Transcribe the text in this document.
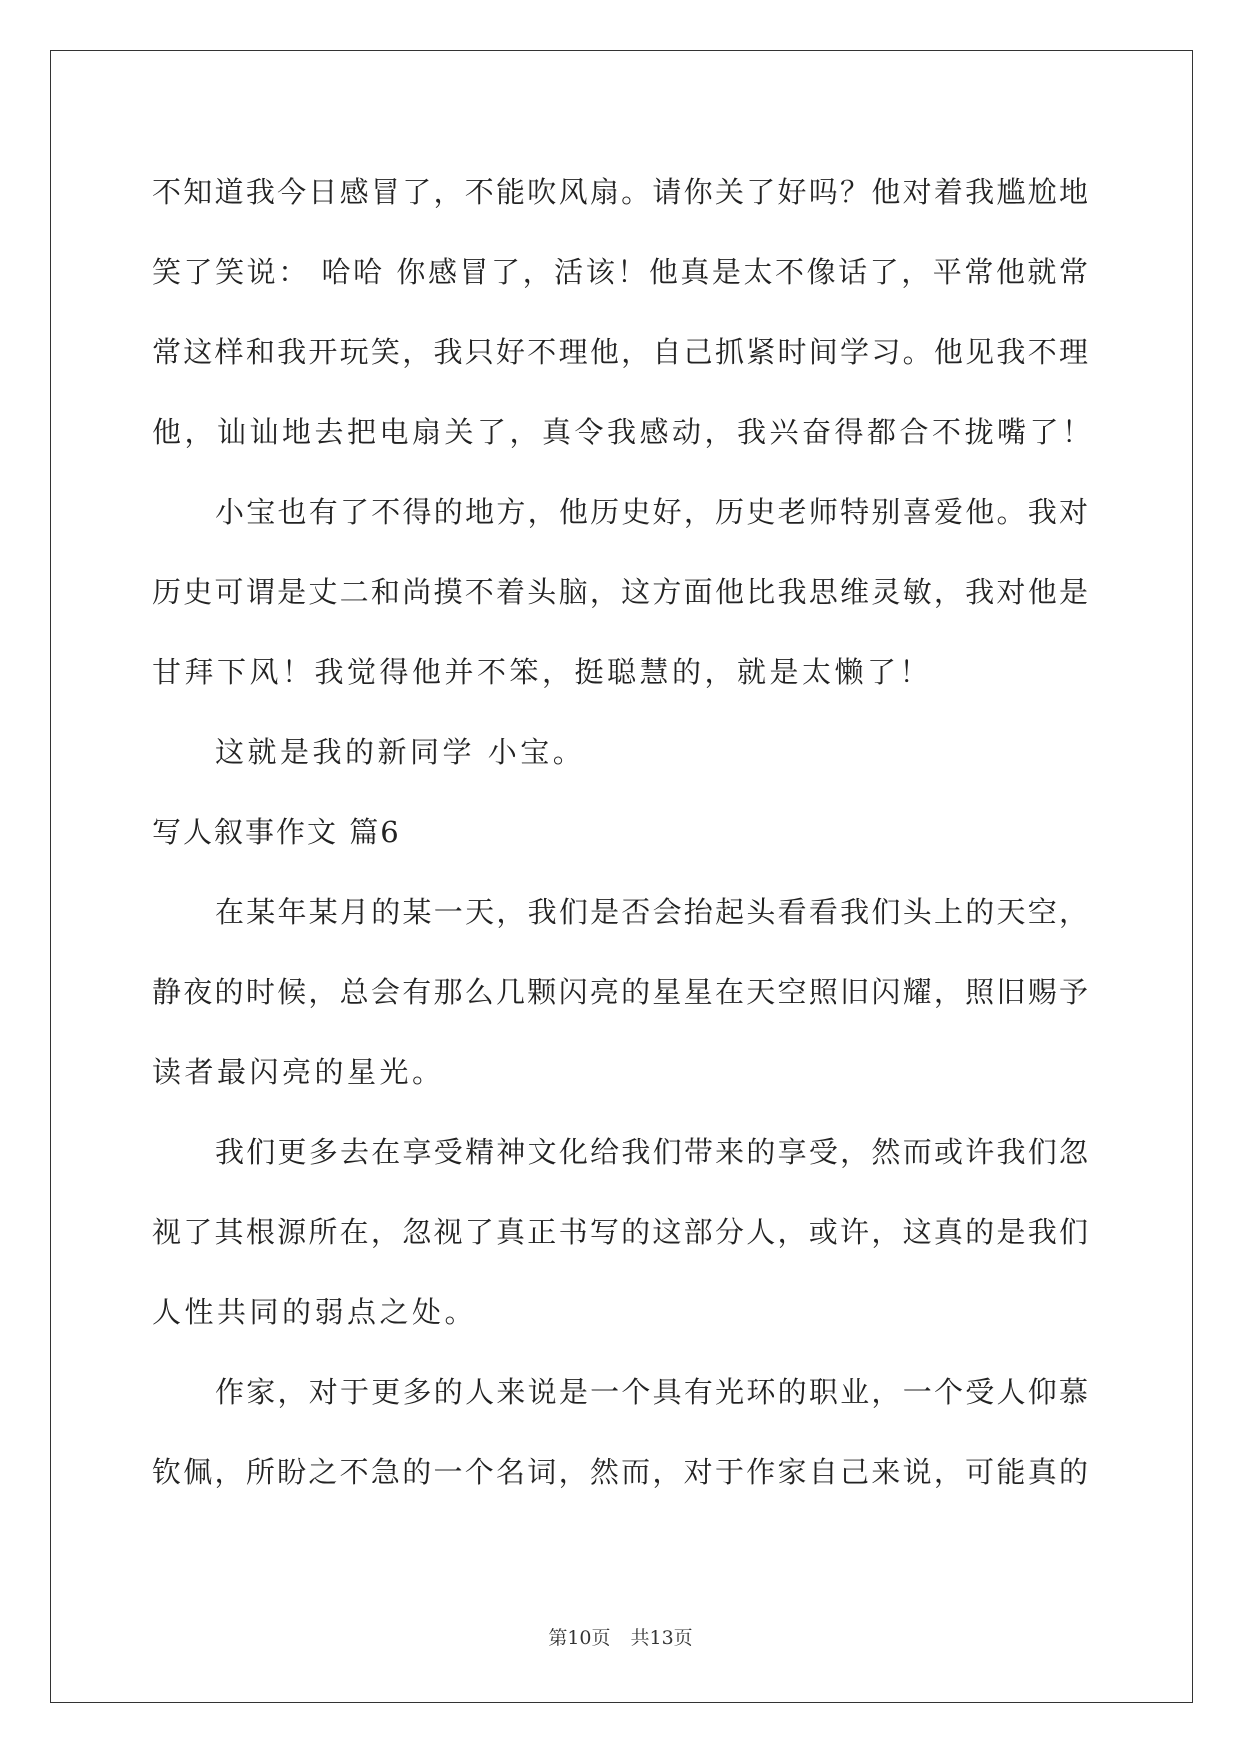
不知道我今日感冒了，不能吹风扇。请你关了好吗？他对着我尴尬地
笑了笑说： 哈哈 你感冒了，活该！他真是太不像话了，平常他就常
常这样和我开玩笑，我只好不理他，自己抓紧时间学习。他见我不理
他，讪讪地去把电扇关了，真令我感动，我兴奋得都合不拢嘴了！
小宝也有了不得的地方，他历史好，历史老师特别喜爱他。我对
历史可谓是丈二和尚摸不着头脑，这方面他比我思维灵敏，我对他是
甘拜下风！我觉得他并不笨，挺聪慧的，就是太懒了！
这就是我的新同学 小宝。
写人叙事作文 篇6
在某年某月的某一天，我们是否会抬起头看看我们头上的天空，
静夜的时候，总会有那么几颗闪亮的星星在天空照旧闪耀，照旧赐予
读者最闪亮的星光。
我们更多去在享受精神文化给我们带来的享受，然而或许我们忽
视了其根源所在，忽视了真正书写的这部分人，或许，这真的是我们
人性共同的弱点之处。
作家，对于更多的人来说是一个具有光环的职业，一个受人仰慕
钦佩，所盼之不急的一个名词，然而，对于作家自己来说，可能真的
第10页 共13页
